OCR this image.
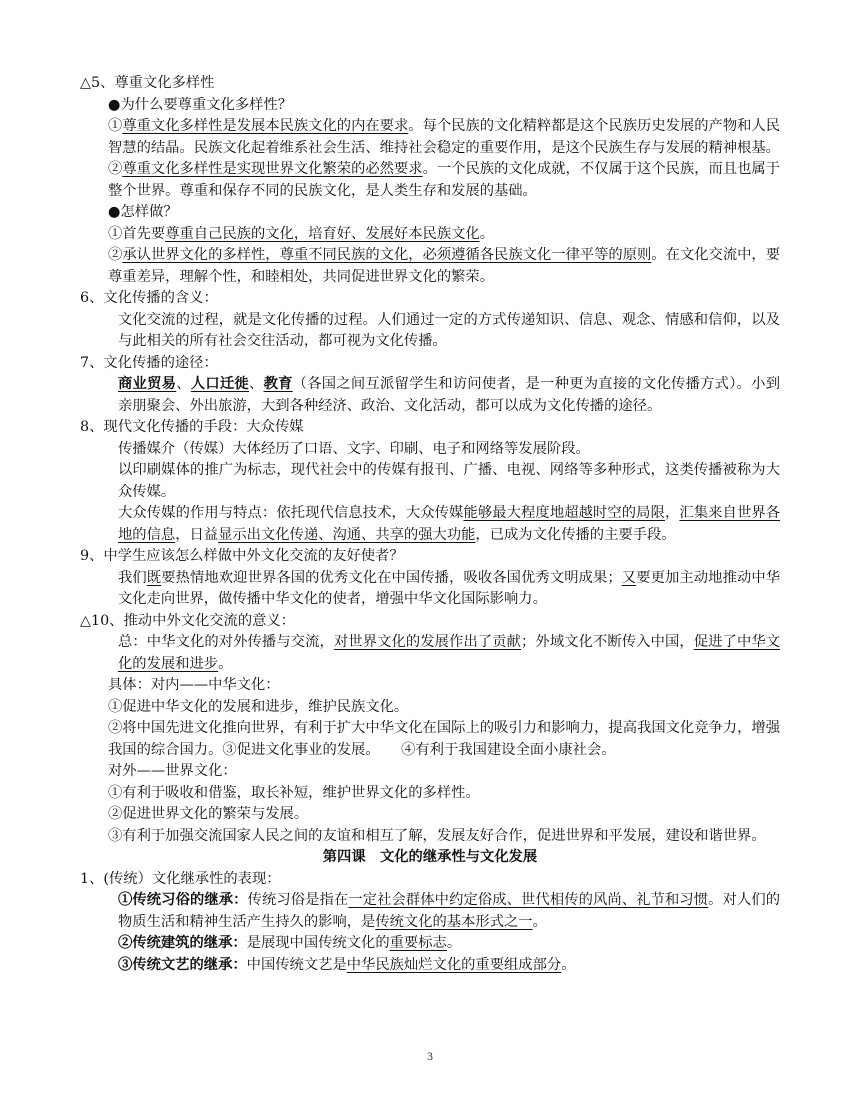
△5、尊重文化多样性
●为什么要尊重文化多样性？
①尊重文化多样性是发展本民族文化的内在要求。每个民族的文化精粹都是这个民族历史发展的产物和人民智慧的结晶。民族文化起着维系社会生活、维持社会稳定的重要作用，是这个民族生存与发展的精神根基。
②尊重文化多样性是实现世界文化繁荣的必然要求。一个民族的文化成就，不仅属于这个民族，而且也属于整个世界。尊重和保存不同的民族文化，是人类生存和发展的基础。
●怎样做？
①首先要尊重自己民族的文化，培育好、发展好本民族文化。
②承认世界文化的多样性，尊重不同民族的文化，必须遵循各民族文化一律平等的原则。在文化交流中，要尊重差异，理解个性，和睦相处，共同促进世界文化的繁荣。
6、文化传播的含义：
文化交流的过程，就是文化传播的过程。人们通过一定的方式传递知识、信息、观念、情感和信仰，以及与此相关的所有社会交往活动，都可视为文化传播。
7、文化传播的途径：
商业贸易、人口迁徙、教育（各国之间互派留学生和访问使者，是一种更为直接的文化传播方式）。小到亲朋聚会、外出旅游，大到各种经济、政治、文化活动，都可以成为文化传播的途径。
8、现代文化传播的手段：大众传媒
传播媒介（传媒）大体经历了口语、文字、印刷、电子和网络等发展阶段。
以印刷媒体的推广为标志，现代社会中的传媒有报刊、广播、电视、网络等多种形式，这类传播被称为大众传媒。
大众传媒的作用与特点：依托现代信息技术，大众传媒能够最大程度地超越时空的局限，汇集来自世界各地的信息，日益显示出文化传递、沟通、共享的强大功能，已成为文化传播的主要手段。
9、中学生应该怎么样做中外文化交流的友好使者？
我们既要热情地欢迎世界各国的优秀文化在中国传播，吸收各国优秀文明成果；又要更加主动地推动中华文化走向世界，做传播中华文化的使者，增强中华文化国际影响力。
△10、推动中外文化交流的意义：
总：中华文化的对外传播与交流，对世界文化的发展作出了贡献；外域文化不断传入中国，促进了中华文化的发展和进步。
具体：对内——中华文化：
①促进中华文化的发展和进步，维护民族文化。
②将中国先进文化推向世界，有利于扩大中华文化在国际上的吸引力和影响力，提高我国文化竞争力，增强我国的综合国力。③促进文化事业的发展。　　④有利于我国建设全面小康社会。
对外——世界文化：
①有利于吸收和借鉴，取长补短，维护世界文化的多样性。
②促进世界文化的繁荣与发展。
③有利于加强交流国家人民之间的友谊和相互了解，发展友好合作，促进世界和平发展，建设和谐世界。
第四课　文化的继承性与文化发展
1、(传统）文化继承性的表现：
①传统习俗的继承：传统习俗是指在一定社会群体中约定俗成、世代相传的风尚、礼节和习惯。对人们的物质生活和精神生活产生持久的影响，是传统文化的基本形式之一。
②传统建筑的继承：是展现中国传统文化的重要标志。
③传统文艺的继承：中国传统文艺是中华民族灿烂文化的重要组成部分。
3
